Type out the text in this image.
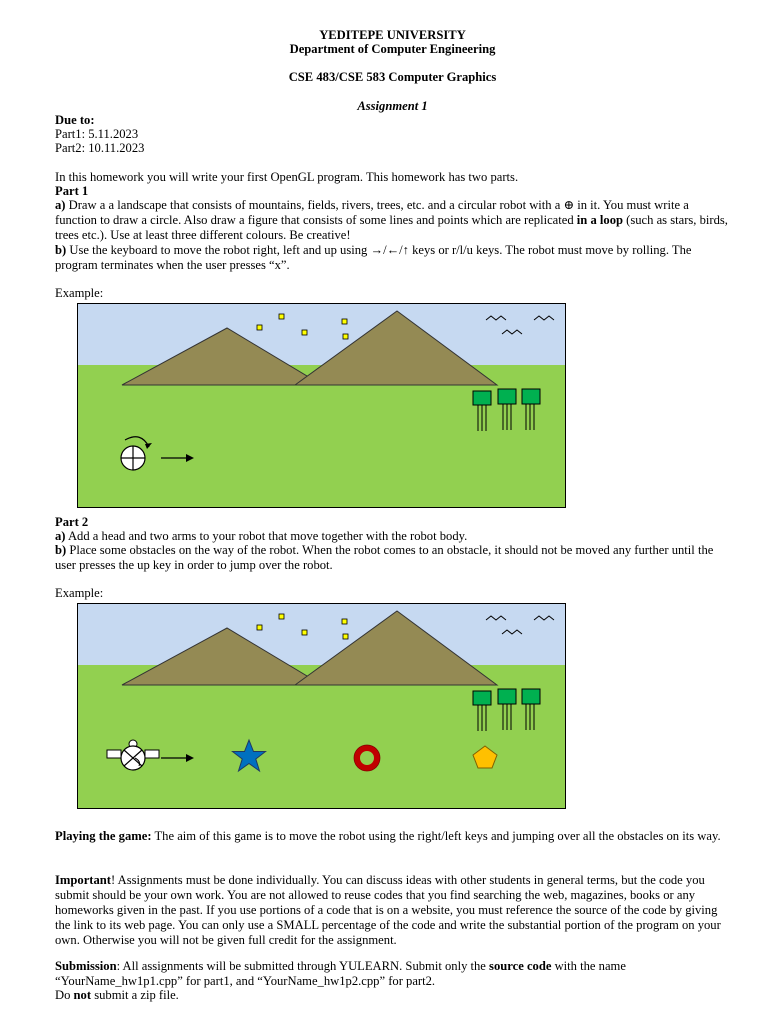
YEDITEPE UNIVERSITY
Department of Computer Engineering
CSE 483/CSE 583 Computer Graphics
Assignment 1
Due to:
Part1: 5.11.2023
Part2: 10.11.2023
In this homework you will write your first OpenGL program. This homework has two parts.
Part 1

a) Draw a a landscape that consists of mountains, fields, rivers, trees, etc. and a circular robot with a ⊕ in it. You must write a function to draw a circle. Also draw a figure that consists of some lines and points which are replicated in a loop (such as stars, birds, trees etc.). Use at least three different colours. Be creative!

b) Use the keyboard to move the robot right, left and up using →/←/↑ keys or r/l/u keys. The robot must move by rolling. The program terminates when the user presses “x”.

Example:
Part 2

a) Add a head and two arms to your robot that move together with the robot body.

b) Place some obstacles on the way of the robot. When the robot comes to an obstacle, it should not be moved any further until the user presses the up key in order to jump over the robot.

Example:

Playing the game: The aim of this game is to move the robot using the right/left keys and jumping over all the obstacles on its way.

Important! Assignments must be done individually. You can discuss ideas with other students in general terms, but the code you submit should be your own work. You are not allowed to reuse codes that you find searching the web, magazines, books or any homeworks given in the past. If you use portions of a code that is on a website, you must reference the source of the code by giving the link to its web page. You can only use a SMALL percentage of the code and write the substantial portion of the program on your own. Otherwise you will not be given full credit for the assignment.

Submission: All assignments will be submitted through YULEARN. Submit only the source code with the name “YourName_hw1p1.cpp” for part1, and “YourName_hw1p2.cpp” for part2.

Do not submit a zip file.
